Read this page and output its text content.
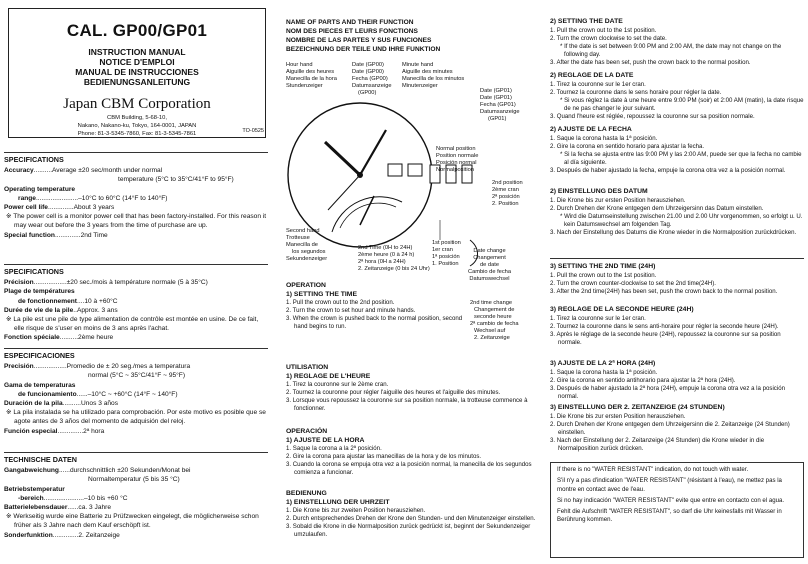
CAL. GP00/GP01
INSTRUCTION MANUAL
NOTICE D'EMPLOI
MANUAL DE INSTRUCCIONES
BEDIENUNGSANLEITUNG
Japan CBM Corporation
CBM Building, 5-68-10,
Nakano, Nakano-ku, Tokyo, 164-0001, JAPAN
Phone: 81-3-5345-7860, Fax: 81-3-5345-7861	TO-0525
SPECIFICATIONS
Accuracy .......... Average ±20 sec/month under normal
temperature (5°C to 35°C/41°F to 95°F)
Operating temperature
range ....................... –10°C to 60°C (14°F to 140°F)
Power cell life .............. About 3 years
※ The power cell is a monitor power cell that has been factory-installed. For this reason it may wear out before the 3 years from the time of purchase are up.
Special function .............. 2nd Time
SPECIFICATIONS
Précision .................. ±20 sec./mois à température normale (5 à 35°C)
Plage de températures
de fonctionnement .... 10 à +60°C
Durée de vie de la pile .. Approx. 3 ans
※ La pile est une pile de type alimentation de contrôle est montée en usine. De ce fait, elle risque de s'user en moins de 3 ans après l'achat.
Fonction spéciale .......... 2ème heure
ESPECIFICACIONES
Precisión .................. Promedio de ± 20 seg./mes a temperatura
normal (5°C ~ 35°C/41°F ~ 95°F)
Gama de temperaturas
de funcionamiento ...... –10°C ~ +60°C (14°F ~ 140°F)
Duración de la pila .......... Unos 3 años
※ La pila instalada se ha utilizado para comprobación. Por este motivo es posible que se agote antes de 3 años del momento de adquisión del reloj.
Función especial .............. 2ª hora
TECHNISCHE DATEN
Gangabweichung ...... durchschnittlich ±20 Sekunden/Monat bei
Normaltemperatur (5 bis 35 °C)
Betriebstemperatur
-bereich ...................... –10 bis +60 °C
Batterielebensdauer ...... ca. 3 Jahre
※ Werkseitig wurde eine Batterie zu Prüfzwecken eingelegt, die möglicherweise schon früher als 3 Jahre nach dem Kauf erschöpft ist.
Sonderfunktion .............. 2. Zeitanzeige
NAME OF PARTS AND THEIR FUNCTION
NOM DES PIECES ET LEURS FONCTIONS
NOMBRE DE LAS PARTES Y SUS FUNCIONES
BEZEICHNUNG DER TEILE UND IHRE FUNKTION
Hour hand
Aiguille des heures
Manecilla de la hora
Stundenzeiger
Date (GP00)
Date (GP00)
Fecha (GP00)
Datumsanzeige
(GP00)
Minute hand
Aiguille des minutes
Manecilla de los minutos
Minutenzeiger
Date (GP01)
Date (GP01)
Fecha (GP01)
Datumsanzeige
(GP01)
Normal position
Position normale
Posición normal
Normalposition
2nd position
2ème cran
2ª posición
2. Position
1st position
1er cran
1ª posición
1. Position
Date change
Changement
de date
Cambio de fecha
Datumswechsel
Second hand
Trotteuse
Manecilla de
los segundos
Sekundenzeiger
2nd Time (0H to 24H)
2ème heure (0 à 24 h)
2ª hora (0H a 24H)
2. Zeitanzeige (0 bis 24 Uhr)
2nd time change
Changement de
seconde heure
2ª cambio de fecha
Wechsel auf
2. Zeitanzeige
OPERATION
1) SETTING THE TIME
1. Pull the crown out to the 2nd position.
2. Turn the crown to set hour and minute hands.
3. When the crown is pushed back to the normal position, second hand begins to run.
UTILISATION
1) REGLAGE DE L'HEURE
1. Tirez la couronne sur le 2ème cran.
2. Tournez la couronne pour régler l'aiguille des heures et l'aiguille des minutes.
3. Lorsque vous repoussez la couronne sur sa position normale, la trotteuse commence à fonctionner.
OPERACIÓN
1) AJUSTE DE LA HORA
1. Saque la corona a la 2ª posición.
2. Gire la corona para ajustar las manecillas de la hora y de los minutos.
3. Cuando la corona se empuja otra vez a la posición normal, la manecilla de los segundos comienza a funcionar.
BEDIENUNG
1) EINSTELLUNG DER UHRZEIT
1. Die Krone bis zur zweiten Position herausziehen.
2. Durch entsprechendes Drehen der Krone den Stunden- und den Minutenzeiger einstellen.
3. Sobald die Krone in die Normalposition zurück gedrückt ist, beginnt der Sekundenzeiger umzulaufen.
2) SETTING THE DATE
1. Pull the crown out to the 1st position.
2. Turn the crown clockwise to set the date.
* If the date is set between 9:00 PM and 2:00 AM, the date may not change on the following day.
3. After the date has been set, push the crown back to the normal position.
2) REGLAGE DE LA DATE
1. Tirez la couronne sur le 1er cran.
2. Tournez la couronne dans le sens horaire pour régler la date.
* Si vous réglez la date à une heure entre 9:00 PM (soir) et 2:00 AM (matin), la date risque de ne pas changer le jour suivant.
3. Quand l'heure est réglée, repoussez la couronne sur sa position normale.
2) AJUSTE DE LA FECHA
1. Saque la corona hasta la 1ª posición.
2. Gire la corona en sentido horario para ajustar la fecha.
* Si la fecha se ajusta entre las 9:00 PM y las 2:00 AM, puede ser que la fecha no cambie al día siguiente.
3. Después de haber ajustado la fecha, empuje la corona otra vez a la posición normal.
2) EINSTELLUNG DES DATUM
1. Die Krone bis zur ersten Position herausziehen.
2. Durch Drehen der Krone entgegen dem Uhrzeigersinn das Datum einstellen.
* Wird die Datumseinstellung zwischen 21.00 und 2.00 Uhr vorgenommen, so erfolgt u. U. kein Datumswechsel am folgenden Tag.
3. Nach der Einstellung des Datums die Krone wieder in die Normalposition zurückdrücken.
3) SETTING THE 2ND TIME (24H)
1. Pull the crown out to the 1st position.
2. Turn the crown counter-clockwise to set the 2nd time(24H).
3. After the 2nd time(24H) has been set, push the crown back to the normal position.
3) REGLAGE DE LA SECONDE HEURE (24H)
1. Tirez la couronne sur le 1er cran.
2. Tournez la couronne dans le sens anti-horaire pour régler la seconde heure (24H).
3. Après le réglage de la seconde heure (24H), repoussez la couronne sur sa position normale.
3) AJUSTE DE LA 2ª HORA (24H)
1. Saque la corona hasta la 1ª posición.
2. Gire la corona en sentido antihorario para ajustar la 2ª hora (24H).
3. Después de haber ajustado la 2ª hora (24H), empuje la corona otra vez a la posición normal.
3) EINSTELLUNG DER 2. ZEITANZEIGE (24 STUNDEN)
1. Die Krone bis zur ersten Position herausziehen.
2. Durch Drehen der Krone entgegen dem Uhrzeigersinn die 2. Zeitanzeige (24 Stunden) einstellen.
3. Nach der Einstellung der 2. Zeitanzeige (24 Stunden) die Krone wieder in die Normalposition zurück drücken.

If there is no "WATER RESISTANT" indication, do not touch with water.

S'il n'y a pas d'indication "WATER RESISTANT" (résistant à l'eau), ne mettez pas la montre en contact avec de l'eau.

Si no hay indicación "WATER RESISTANT" evite que entre en contacto con el agua.

Fehlt die Aufschrift "WATER RESISTANT", so darf die Uhr keinesfalls mit Wasser in Berührung kommen.
